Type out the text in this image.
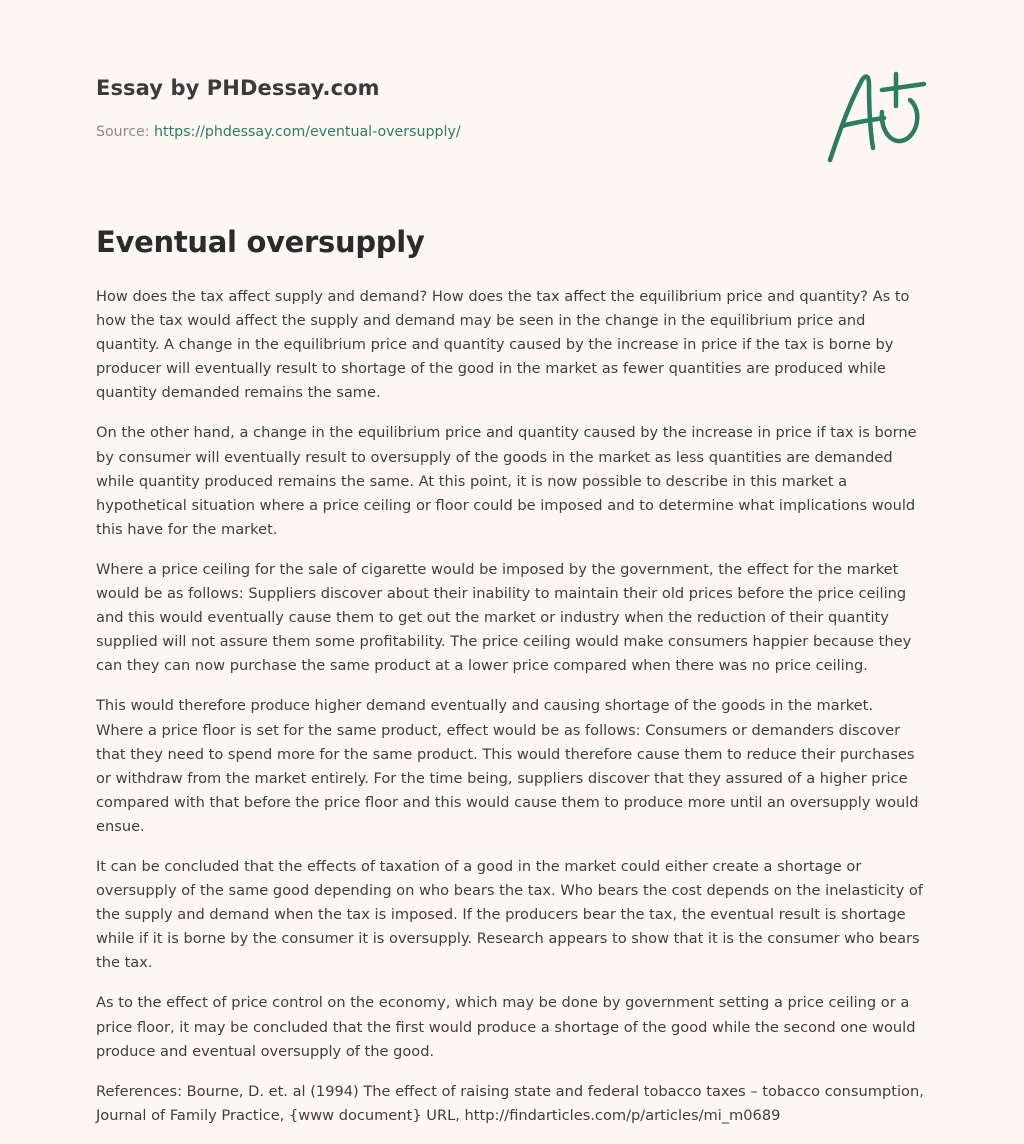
Essay by PHDessay.com
Source: https://phdessay.com/eventual-oversupply/
Eventual oversupply

How does the tax affect supply and demand? How does the tax affect the equilibrium price and quantity? As to how the tax would affect the supply and demand may be seen in the change in the equilibrium price and quantity. A change in the equilibrium price and quantity caused by the increase in price if the tax is borne by producer will eventually result to shortage of the good in the market as fewer quantities are produced while quantity demanded remains the same.

On the other hand, a change in the equilibrium price and quantity caused by the increase in price if tax is borne by consumer will eventually result to oversupply of the goods in the market as less quantities are demanded while quantity produced remains the same. At this point, it is now possible to describe in this market a hypothetical situation where a price ceiling or floor could be imposed and to determine what implications would this have for the market.

Where a price ceiling for the sale of cigarette would be imposed by the government, the effect for the market would be as follows: Suppliers discover about their inability to maintain their old prices before the price ceiling and this would eventually cause them to get out the market or industry when the reduction of their quantity supplied will not assure them some profitability. The price ceiling would make consumers happier because they can they can now purchase the same product at a lower price compared when there was no price ceiling.

This would therefore produce higher demand eventually and causing shortage of the goods in the market. Where a price floor is set for the same product, effect would be as follows: Consumers or demanders discover that they need to spend more for the same product. This would therefore cause them to reduce their purchases or withdraw from the market entirely. For the time being, suppliers discover that they assured of a higher price compared with that before the price floor and this would cause them to produce more until an oversupply would ensue.

It can be concluded that the effects of taxation of a good in the market could either create a shortage or oversupply of the same good depending on who bears the tax. Who bears the cost depends on the inelasticity of the supply and demand when the tax is imposed. If the producers bear the tax, the eventual result is shortage while if it is borne by the consumer it is oversupply. Research appears to show that it is the consumer who bears the tax.

As to the effect of price control on the economy, which may be done by government setting a price ceiling or a price floor, it may be concluded that the first would produce a shortage of the good while the second one would produce and eventual oversupply of the good.

References: Bourne, D. et. al (1994) The effect of raising state and federal tobacco taxes – tobacco consumption, Journal of Family Practice, {www document} URL, http://findarticles.com/p/articles/mi_m0689
